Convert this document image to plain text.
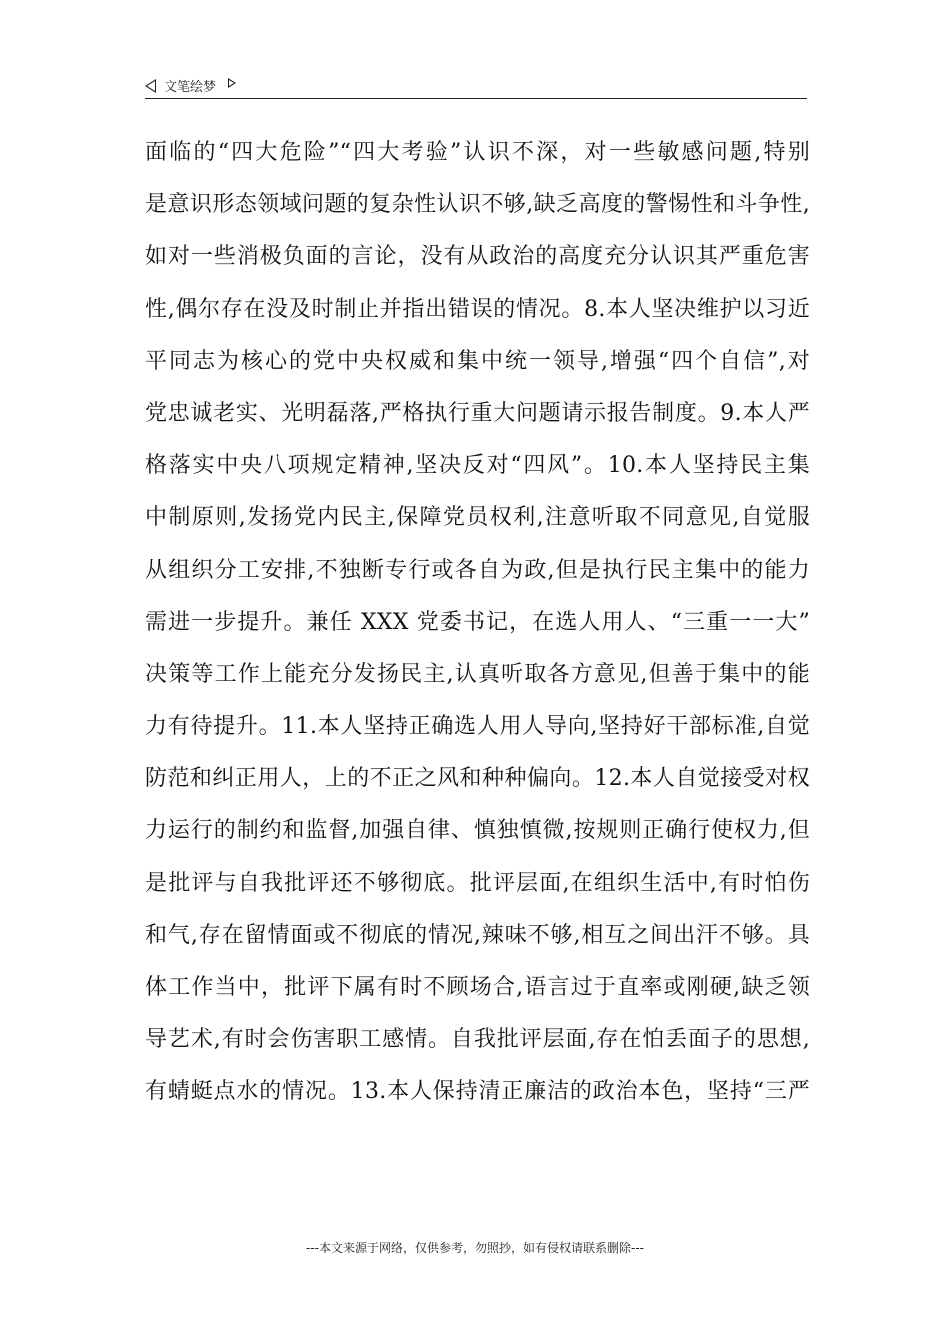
文笔绘梦
面临的“四大危险”“四大考验”认识不深，对一些敏感问题,特别
是意识形态领域问题的复杂性认识不够,缺乏高度的警惕性和斗争性,
如对一些消极负面的言论，没有从政治的高度充分认识其严重危害
性,偶尔存在没及时制止并指出错误的情况。8.本人坚决维护以习近
平同志为核心的党中央权威和集中统一领导,增强“四个自信”,对
党忠诚老实、光明磊落,严格执行重大问题请示报告制度。9.本人严
格落实中央八项规定精神,坚决反对“四风”。10.本人坚持民主集
中制原则,发扬党内民主,保障党员权利,注意听取不同意见,自觉服
从组织分工安排,不独断专行或各自为政,但是执行民主集中的能力
需进一步提升。兼任 XXX 党委书记，在选人用人、“三重一一大”
决策等工作上能充分发扬民主,认真听取各方意见,但善于集中的能
力有待提升。11.本人坚持正确选人用人导向,坚持好干部标准,自觉
防范和纠正用人，上的不正之风和种种偏向。12.本人自觉接受对权
力运行的制约和监督,加强自律、慎独慎微,按规则正确行使权力,但
是批评与自我批评还不够彻底。批评层面,在组织生活中,有时怕伤
和气,存在留情面或不彻底的情况,辣味不够,相互之间出汗不够。具
体工作当中，批评下属有时不顾场合,语言过于直率或刚硬,缺乏领
导艺术,有时会伤害职工感情。自我批评层面,存在怕丢面子的思想,
有蜻蜓点水的情况。13.本人保持清正廉洁的政治本色，坚持“三严
---本文来源于网络，仅供参考，勿照抄，如有侵权请联系删除---
